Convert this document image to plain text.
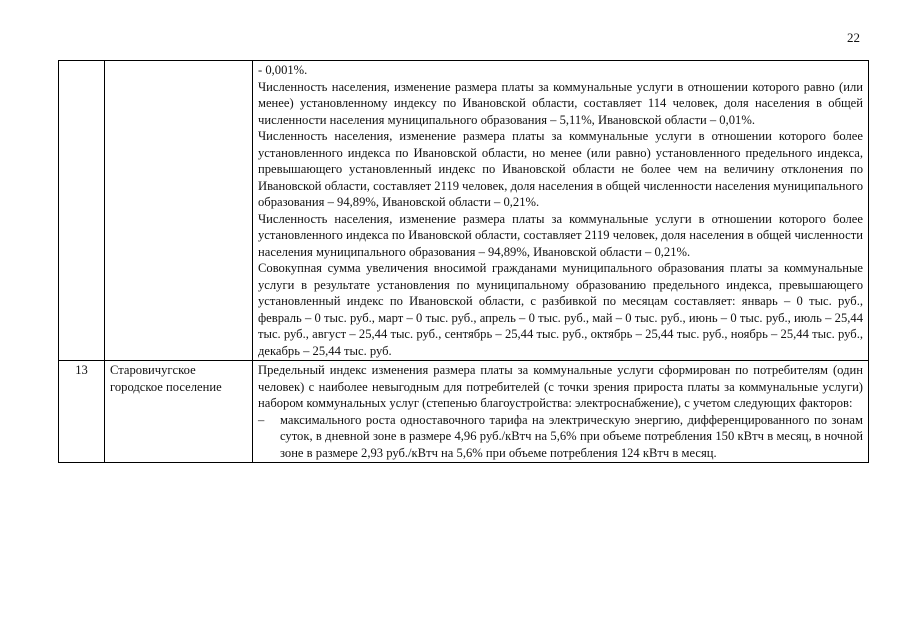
22

		- 0,001%.

Численность населения, изменение размера платы за коммунальные услуги в отношении которого равно (или менее) установленному индексу по Ивановской области, составляет 114 человек, доля населения в общей численности населения муниципального образования – 5,11%, Ивановской области – 0,01%.

Численность населения, изменение размера платы за коммунальные услуги в отношении которого более установленного индекса по Ивановской области, но менее (или равно) установленного предельного индекса, превышающего установленный индекс по Ивановской области не более чем на величину отклонения по Ивановской области, составляет 2119 человек, доля населения в общей численности населения муниципального образования – 94,89%, Ивановской области – 0,21%.

Численность населения, изменение размера платы за коммунальные услуги в отношении которого более установленного индекса по Ивановской области, составляет 2119 человек, доля населения в общей численности населения муниципального образования – 94,89%, Ивановской области – 0,21%.

Совокупная сумма увеличения вносимой гражданами муниципального образования платы за коммунальные услуги в результате установления по муниципальному образованию предельного индекса, превышающего установленный индекс по Ивановской области, с разбивкой по месяцам составляет: январь – 0 тыс. руб., февраль – 0 тыс. руб., март – 0 тыс. руб., апрель – 0 тыс. руб., май – 0 тыс. руб., июнь – 0 тыс. руб., июль – 25,44 тыс. руб., август – 25,44 тыс. руб., сентябрь – 25,44 тыс. руб., октябрь – 25,44 тыс. руб., ноябрь – 25,44 тыс. руб., декабрь – 25,44 тыс. руб.

13	Старовичугское городское поселение	Предельный индекс изменения размера платы за коммунальные услуги сформирован по потребителям (один человек) с наиболее невыгодным для потребителей (с точки зрения прироста платы за коммунальные услуги) набором коммунальных услуг (степенью благоустройства: электроснабжение), с учетом следующих факторов:

– максимального роста одноставочного тарифа на электрическую энергию, дифференцированного по зонам суток, в дневной зоне в размере 4,96 руб./кВтч на 5,6% при объеме потребления 150 кВтч в месяц, в ночной зоне в размере 2,93 руб./кВтч на 5,6% при объеме потребления 124 кВтч в месяц.
